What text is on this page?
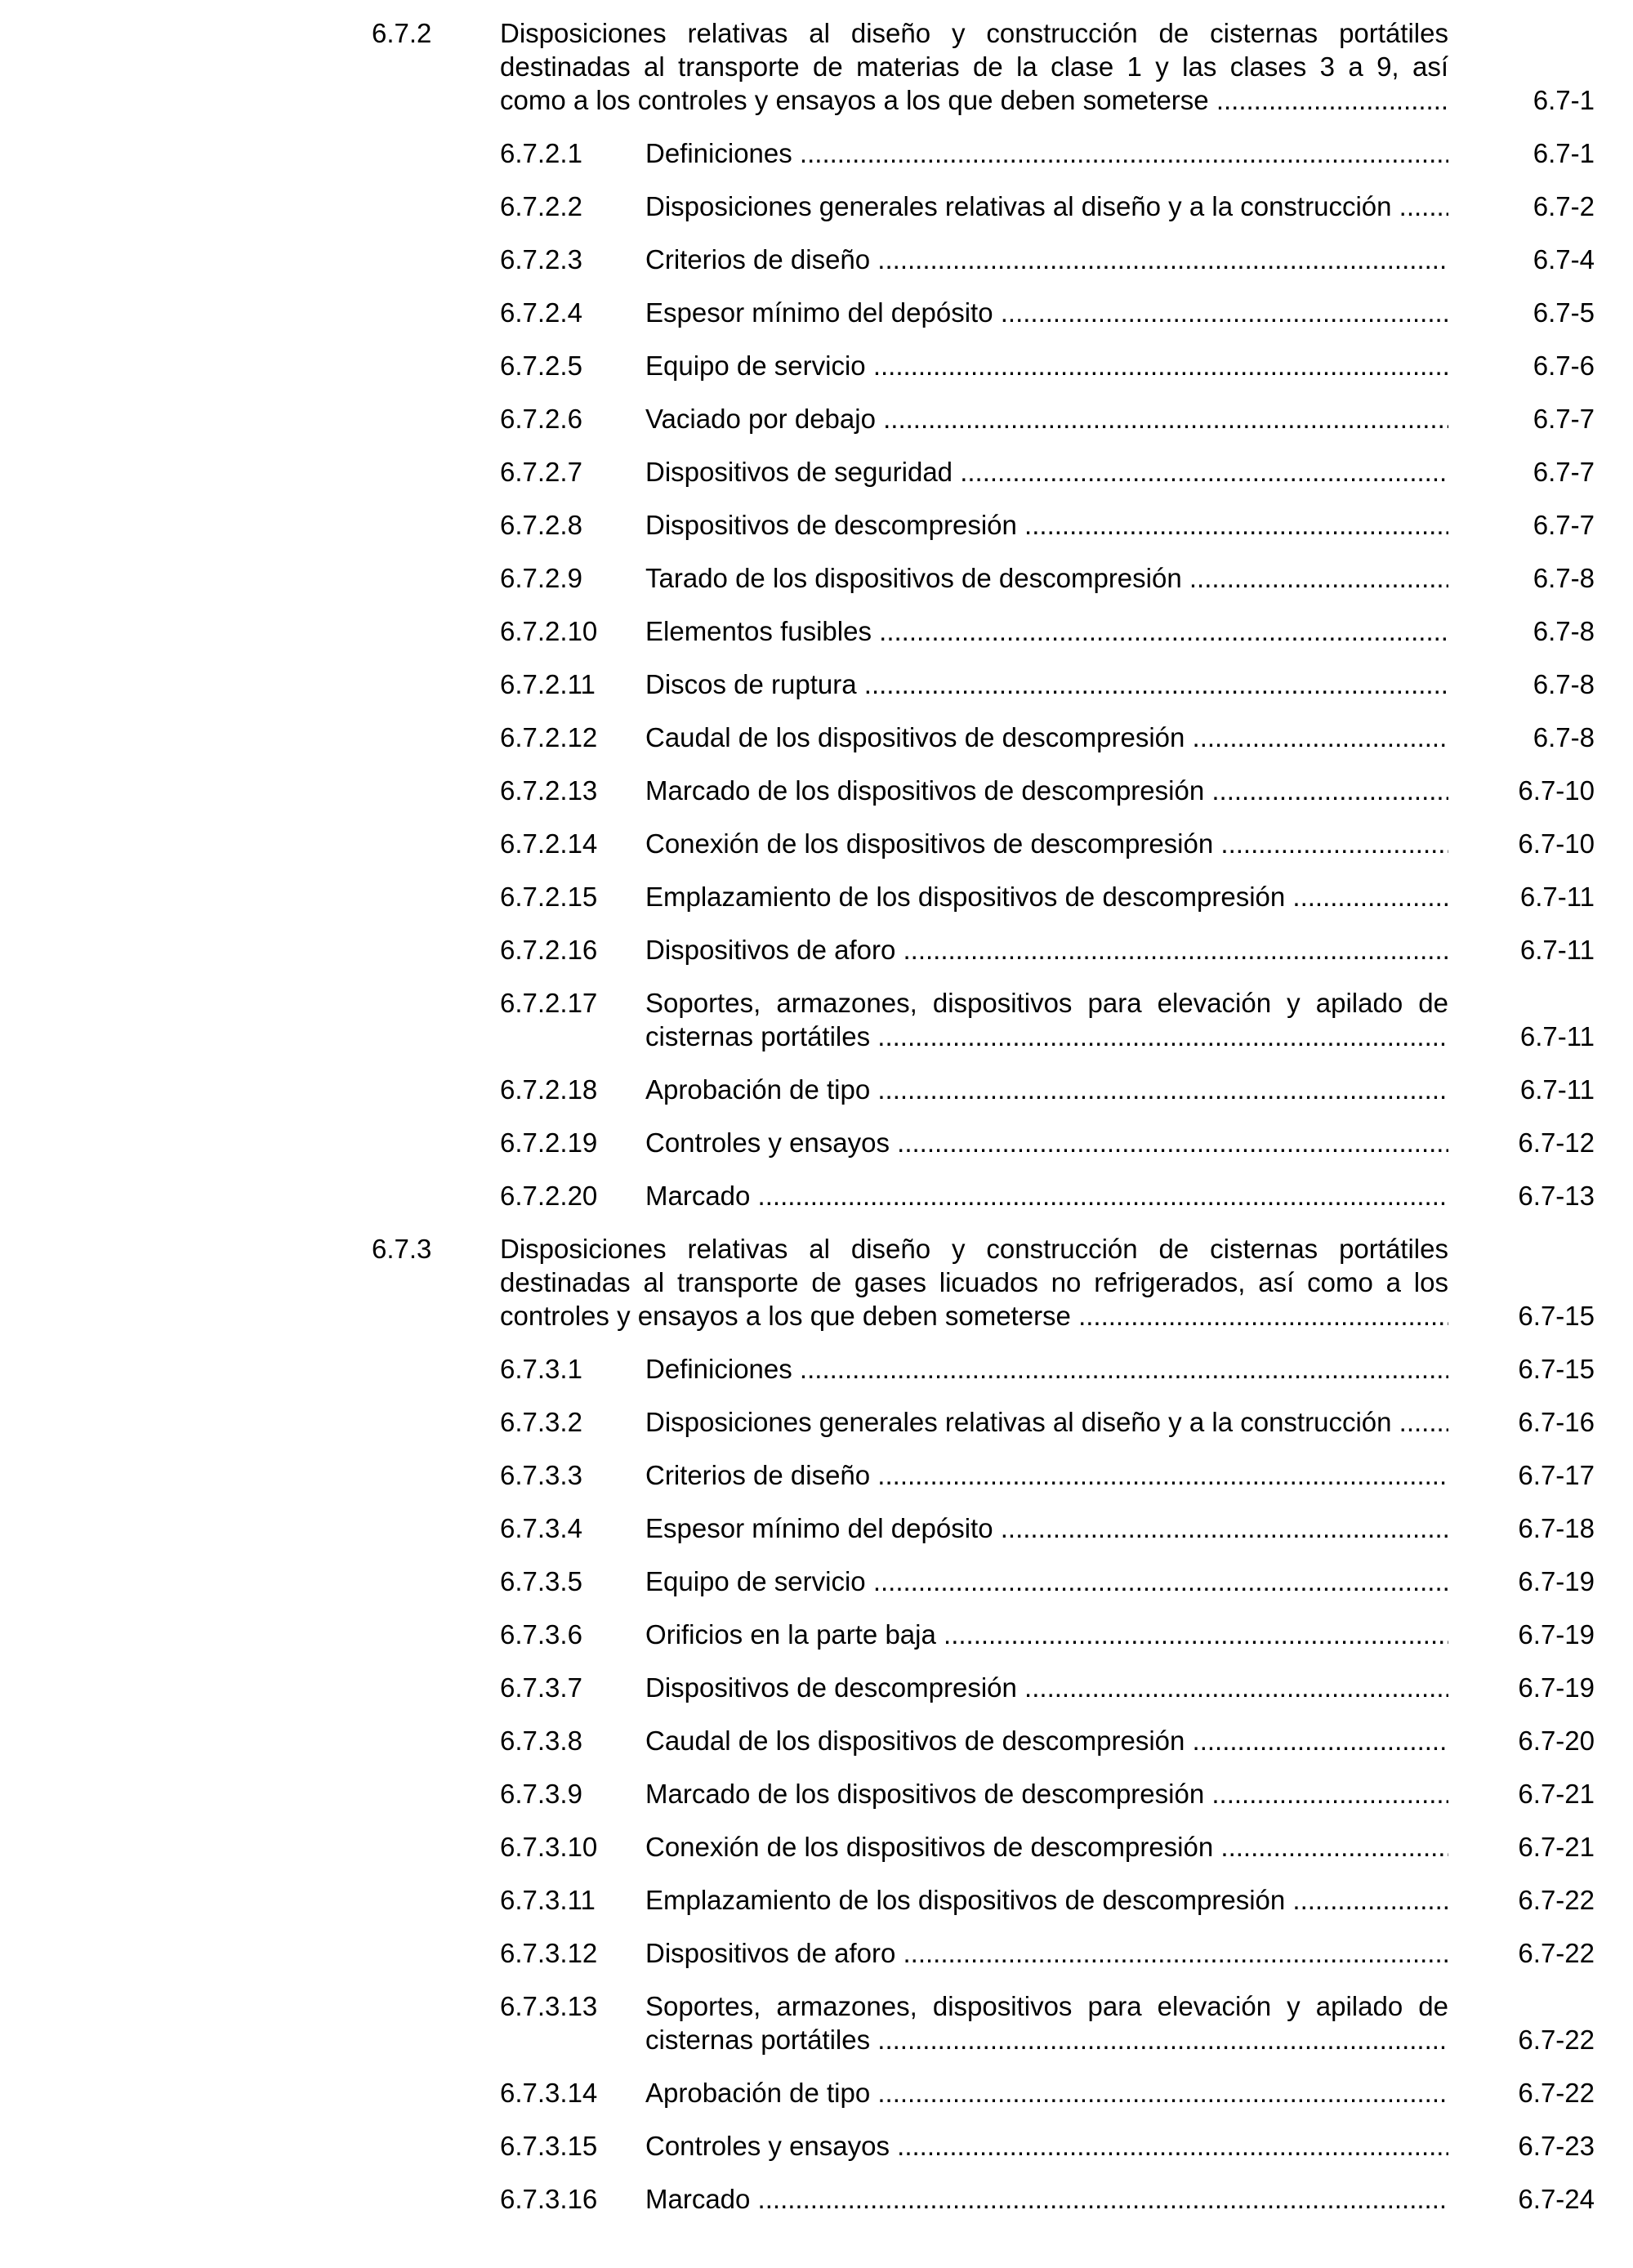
6.7.2	Disposiciones relativas al diseño y construcción de cisternas portátiles
destinadas al transporte de materias de la clase 1 y las clases 3 a 9, así
como a los controles y ensayos a los que deben someterse .....	6.7-1
6.7.2.1 Definiciones .....	6.7-1
6.7.2.2 Disposiciones generales relativas al diseño y a la construcción .....	6.7-2
6.7.2.3 Criterios de diseño .....	6.7-4
6.7.2.4 Espesor mínimo del depósito .....	6.7-5
6.7.2.5 Equipo de servicio .....	6.7-6
6.7.2.6 Vaciado por debajo .....	6.7-7
6.7.2.7 Dispositivos de seguridad .....	6.7-7
6.7.2.8 Dispositivos de descompresión .....	6.7-7
6.7.2.9 Tarado de los dispositivos de descompresión .....	6.7-8
6.7.2.10 Elementos fusibles .....	6.7-8
6.7.2.11 Discos de ruptura .....	6.7-8
6.7.2.12 Caudal de los dispositivos de descompresión .....	6.7-8
6.7.2.13 Marcado de los dispositivos de descompresión .....	6.7-10
6.7.2.14 Conexión de los dispositivos de descompresión .....	6.7-10
6.7.2.15 Emplazamiento de los dispositivos de descompresión .....	6.7-11
6.7.2.16 Dispositivos de aforo .....	6.7-11
6.7.2.17 Soportes, armazones, dispositivos para elevación y apilado de
cisternas portátiles .....	6.7-11
6.7.2.18 Aprobación de tipo .....	6.7-11
6.7.2.19 Controles y ensayos .....	6.7-12
6.7.2.20 Marcado .....	6.7-13
6.7.3	Disposiciones relativas al diseño y construcción de cisternas portátiles
destinadas al transporte de gases licuados no refrigerados, así como a los
controles y ensayos a los que deben someterse .....	6.7-15
6.7.3.1 Definiciones .....	6.7-15
6.7.3.2 Disposiciones generales relativas al diseño y a la construcción .....	6.7-16
6.7.3.3 Criterios de diseño .....	6.7-17
6.7.3.4 Espesor mínimo del depósito .....	6.7-18
6.7.3.5 Equipo de servicio .....	6.7-19
6.7.3.6 Orificios en la parte baja .....	6.7-19
6.7.3.7 Dispositivos de descompresión .....	6.7-19
6.7.3.8 Caudal de los dispositivos de descompresión .....	6.7-20
6.7.3.9 Marcado de los dispositivos de descompresión .....	6.7-21
6.7.3.10 Conexión de los dispositivos de descompresión .....	6.7-21
6.7.3.11 Emplazamiento de los dispositivos de descompresión .....	6.7-22
6.7.3.12 Dispositivos de aforo .....	6.7-22
6.7.3.13 Soportes, armazones, dispositivos para elevación y apilado de
cisternas portátiles .....	6.7-22
6.7.3.14 Aprobación de tipo .....	6.7-22
6.7.3.15 Controles y ensayos .....	6.7-23
6.7.3.16 Marcado .....	6.7-24
